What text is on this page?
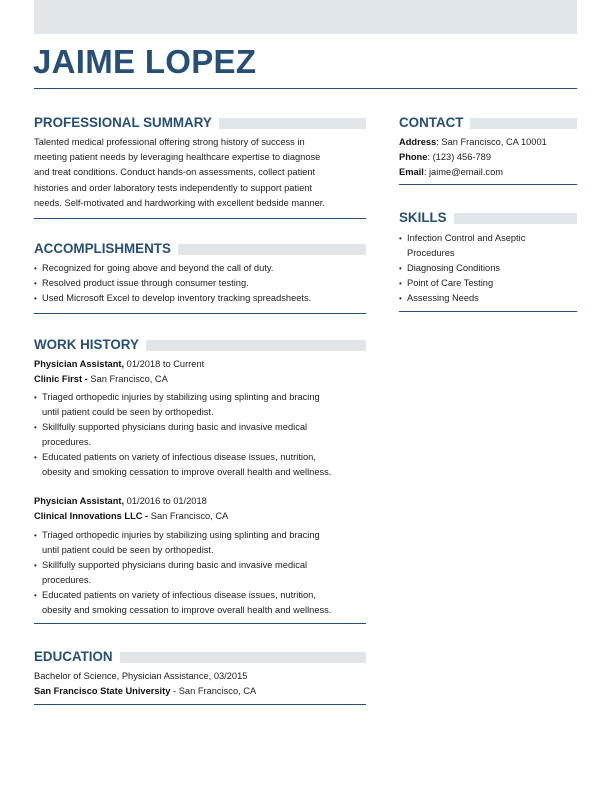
JAIME LOPEZ
PROFESSIONAL SUMMARY
Talented medical professional offering strong history of success in
meeting patient needs by leveraging healthcare expertise to diagnose
and treat conditions. Conduct hands-on assessments, collect patient
histories and order laboratory tests independently to support patient
needs. Self-motivated and hardworking with excellent bedside manner.
ACCOMPLISHMENTS
• Recognized for going above and beyond the call of duty.
• Resolved product issue through consumer testing.
• Used Microsoft Excel to develop inventory tracking spreadsheets.
WORK HISTORY
Physician Assistant, 01/2018 to Current
Clinic First - San Francisco, CA
• Triaged orthopedic injuries by stabilizing using splinting and bracing
until patient could be seen by orthopedist.
• Skillfully supported physicians during basic and invasive medical
procedures.
• Educated patients on variety of infectious disease issues, nutrition,
obesity and smoking cessation to improve overall health and wellness.
Physician Assistant, 01/2016 to 01/2018
Clinical Innovations LLC - San Francisco, CA
• Triaged orthopedic injuries by stabilizing using splinting and bracing
until patient could be seen by orthopedist.
• Skillfully supported physicians during basic and invasive medical
procedures.
• Educated patients on variety of infectious disease issues, nutrition,
obesity and smoking cessation to improve overall health and wellness.
EDUCATION
Bachelor of Science, Physician Assistance, 03/2015
San Francisco State University - San Francisco, CA
CONTACT
Address: San Francisco, CA 10001
Phone: (123) 456-789
Email: jaime@email.com
SKILLS
• Infection Control and Aseptic
Procedures
• Diagnosing Conditions
• Point of Care Testing
• Assessing Needs
